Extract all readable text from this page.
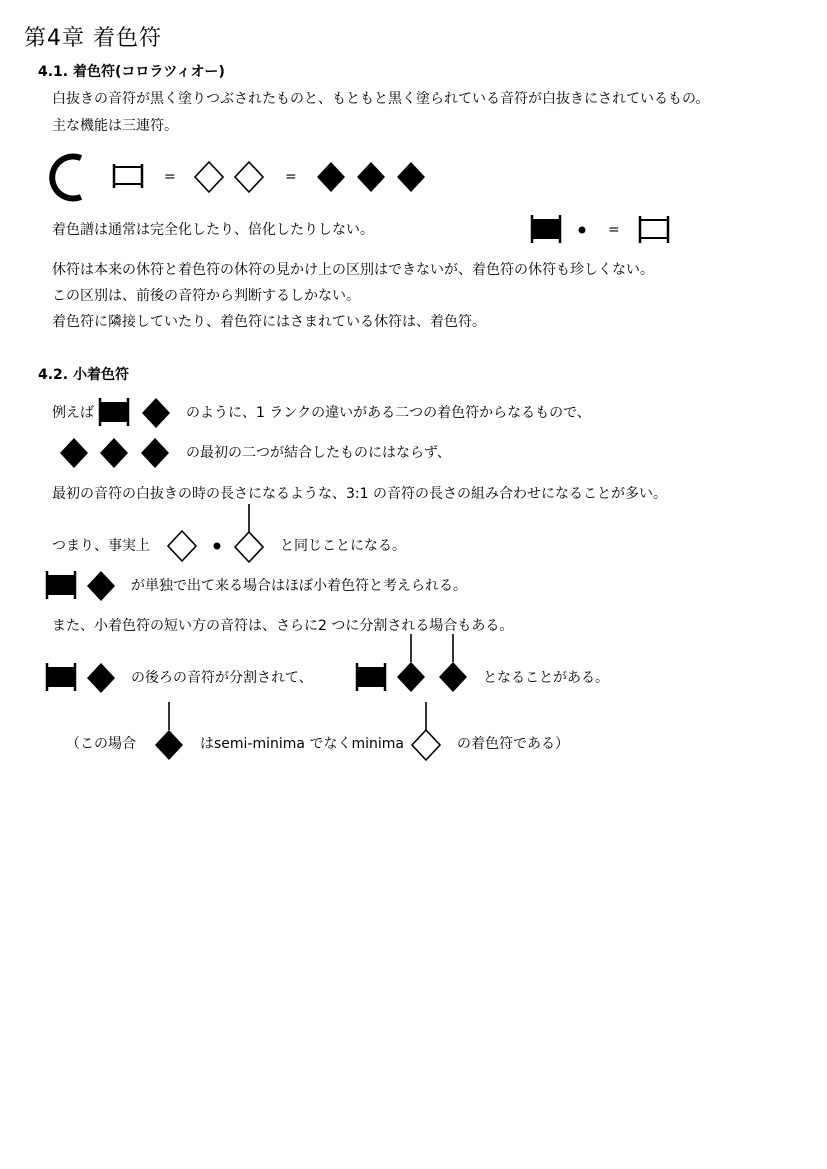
第4章 着色符
4.1. 着色符(コロラツィオー)
白抜きの音符が黒く塗りつぶされたものと、もともと黒く塗られている音符が白抜きにされているもの。
主な機能は三連符。
=	=
着色譜は通常は完全化したり、倍化したりしない。	=
休符は本来の休符と着色符の休符の見かけ上の区別はできないが、着色符の休符も珍しくない。
この区別は、前後の音符から判断するしかない。
着色符に隣接していたり、着色符にはさまれている休符は、着色符。
4.2. 小着色符
例えば	のように、1 ランクの違いがある二つの着色符からなるもので、
の最初の二つが結合したものにはならず、
最初の音符の白抜きの時の長さになるような、3:1 の音符の長さの組み合わせになることが多い。
つまり、事実上	と同じことになる。
が単独で出て来る場合はほぼ小着色符と考えられる。
また、小着色符の短い方の音符は、さらに2 つに分割される場合もある。
の後ろの音符が分割されて、	となることがある。
（この場合	はsemi-minima でなくminima	の着色符である）
